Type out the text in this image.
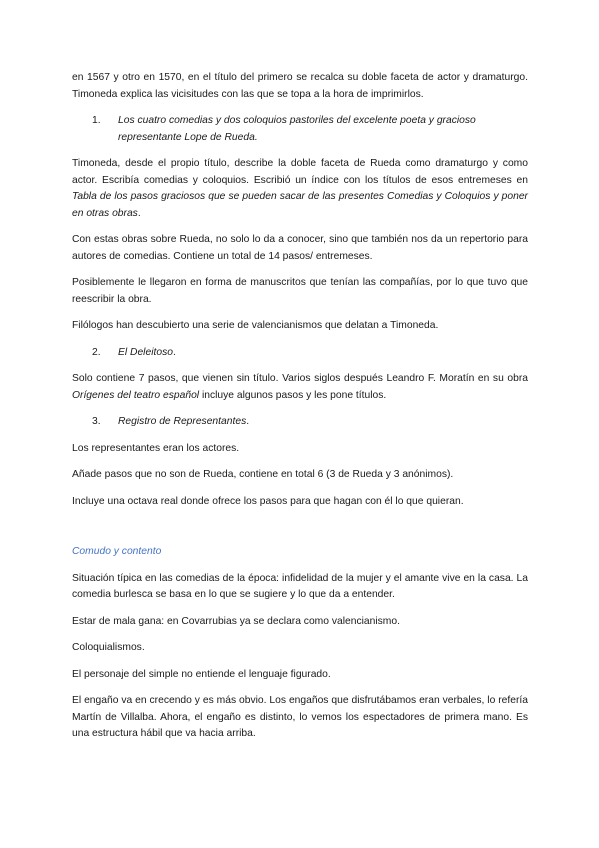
en 1567 y otro en 1570, en el título del primero se recalca su doble faceta de actor y dramaturgo. Timoneda explica las vicisitudes con las que se topa a la hora de imprimirlos.

1.	Los cuatro comedias y dos coloquios pastoriles del excelente poeta y gracioso representante Lope de Rueda.

Timoneda, desde el propio título, describe la doble faceta de Rueda como dramaturgo y como actor. Escribía comedias y coloquios. Escribió un índice con los títulos de esos entremeses en Tabla de los pasos graciosos que se pueden sacar de las presentes Comedias y Coloquios y poner en otras obras.

Con estas obras sobre Rueda, no solo lo da a conocer, sino que también nos da un repertorio para autores de comedias. Contiene un total de 14 pasos/ entremeses.

Posiblemente le llegaron en forma de manuscritos que tenían las compañías, por lo que tuvo que reescribir la obra.

Filólogos han descubierto una serie de valencianismos que delatan a Timoneda.

2.	El Deleitoso.

Solo contiene 7 pasos, que vienen sin título. Varios siglos después Leandro F. Moratín en su obra Orígenes del teatro español incluye algunos pasos y les pone títulos.

3.	Registro de Representantes.

Los representantes eran los actores.

Añade pasos que no son de Rueda, contiene en total 6 (3 de Rueda y 3 anónimos).

Incluye una octava real donde ofrece los pasos para que hagan con él lo que quieran.

Comudo y contento

Situación típica en las comedias de la época: infidelidad de la mujer y el amante vive en la casa. La comedia burlesca se basa en lo que se sugiere y lo que da a entender.

Estar de mala gana: en Covarrubias ya se declara como valencianismo.

Coloquialismos.

El personaje del simple no entiende el lenguaje figurado.

El engaño va en crecendo y es más obvio. Los engaños que disfrutábamos eran verbales, lo refería Martín de Villalba. Ahora, el engaño es distinto, lo vemos los espectadores de primera mano. Es una estructura hábil que va hacia arriba.
